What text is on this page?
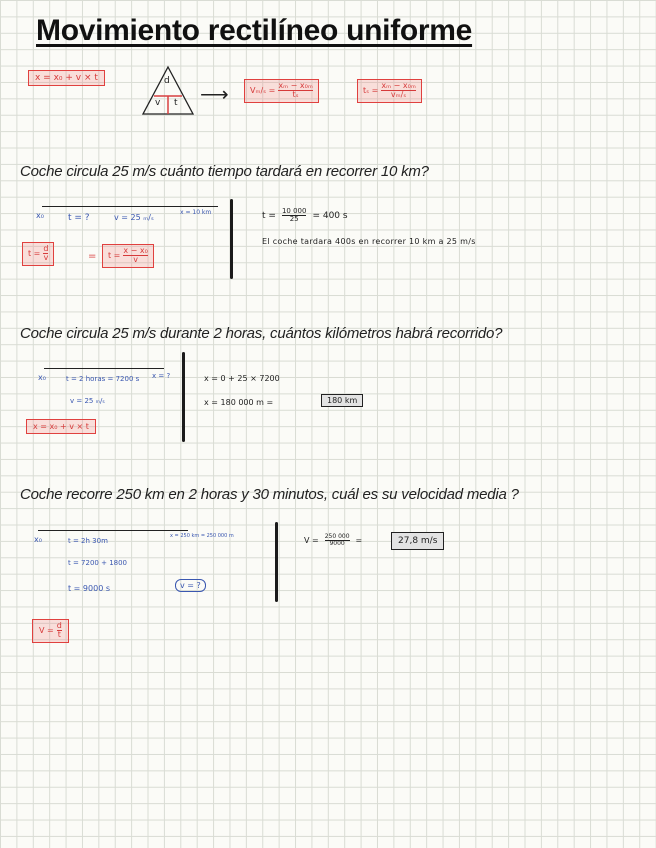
Movimiento rectilíneo uniforme
x = x₀ + v × t	d
v t ⟶	$V_m/_s = \frac{\text{xₘ − x₀ₘ}}{\text{tₛ}}$	$t_s = \frac{\text{xₘ − x₀ₘ}}{\text{vₘ/ₛ}}$
Coche circula 25 m/s cuánto tiempo tardará en recorrer 10 km?
x₀	t = ?	v = 25 ₘ/ₛ
x = 10 km
$t = \frac{d}{v}$	= $t = \frac{\text{x − x₀}}{v}$
$t = \frac{10 000}{25} = 400$ s
El coche tardara 400s en recorrer 10 km a 25 m/s
Coche circula 25 m/s durante 2 horas, cuántos kilómetros habrá recorrido?
x₀	t = 2 horas = 7200 s x = ?
v = 25 ₘ/ₛ
x = x₀ + v × t
x = 0 + 25 × 7200
x = 180 000 m =	180 km
Coche recorre 250 km en 2 horas y 30 minutos, cuál es su velocidad media ?
x₀	t = 2h 30m
x = 250 km = 250 000 m
t = 7200 + 1800
t = 9000 s	v = ?
$V = \frac{d}{t}$
$V = \frac{250 000}{9000}$ =	27,8 m/s
